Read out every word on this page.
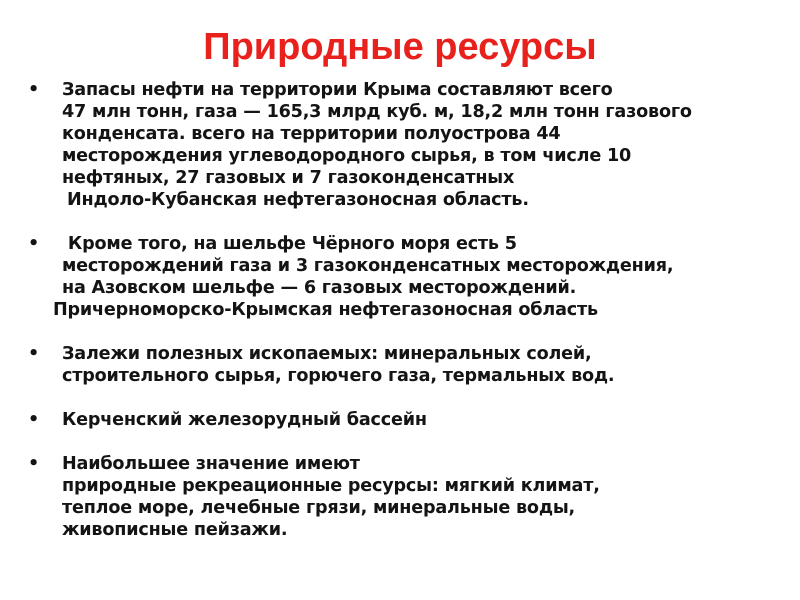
Природные ресурсы
•	Запасы нефти на территории Крыма составляют всего
47 млн тонн, газа — 165,3 млрд куб. м, 18,2 млн тонн газового
конденсата. всего на территории полуострова 44
месторождения углеводородного сырья, в том числе 10
нефтяных, 27 газовых и 7 газоконденсатных

Индоло-Кубанская нефтегазоносная область.

•	Кроме того, на шельфе Чёрного моря есть 5
месторождений газа и 3 газоконденсатных месторождения,
на Азовском шельфе — 6 газовых месторождений.

Причерноморско-Крымская нефтегазоносная область

•	Залежи полезных ископаемых: минеральных солей,
строительного сырья, горючего газа, термальных вод.
•	Керченский железорудный бассейн
•	Наибольшее значение имеют
природные рекреационные ресурсы: мягкий климат,
теплое море, лечебные грязи, минеральные воды,
живописные пейзажи.
